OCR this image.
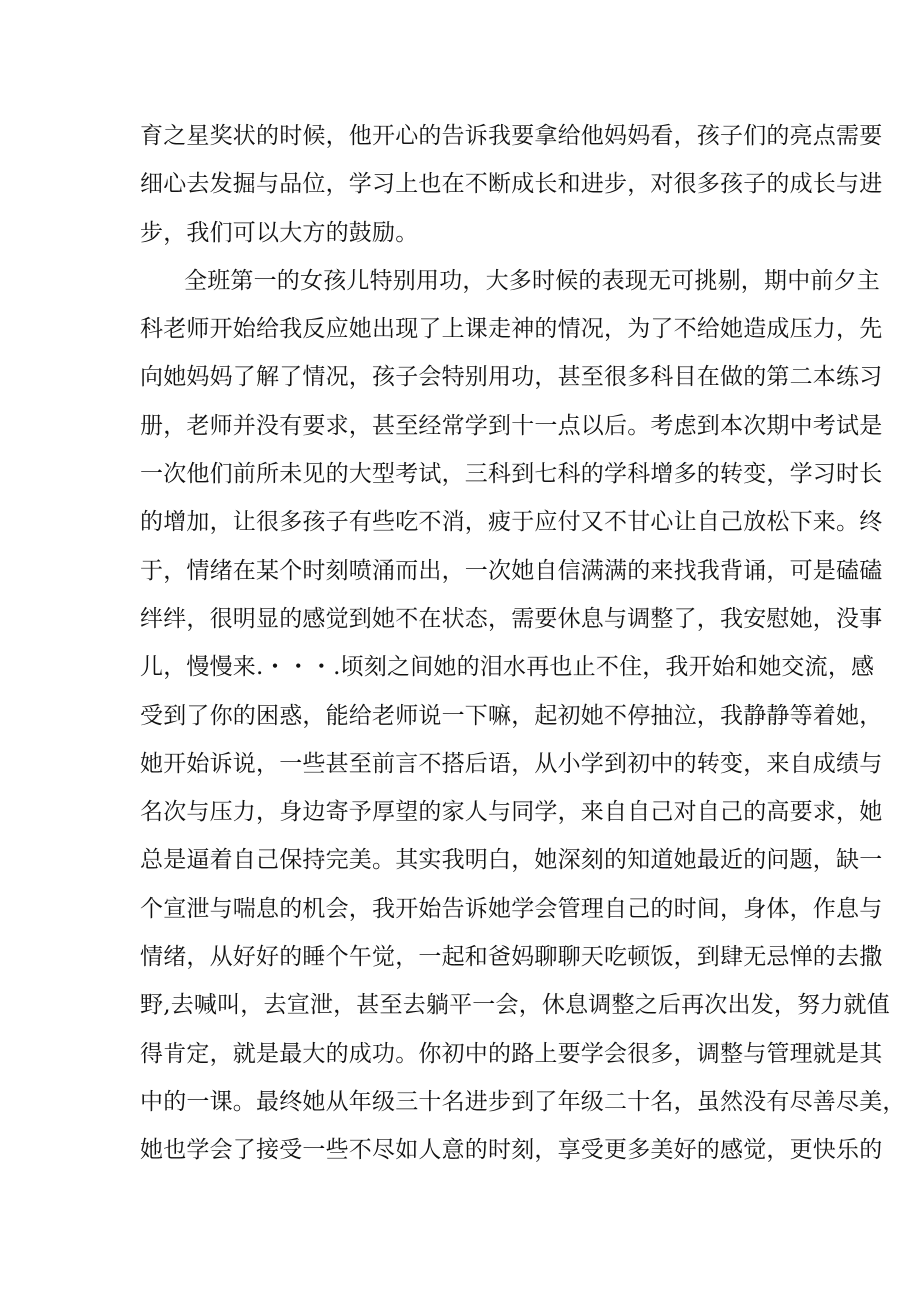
育之星奖状的时候，他开心的告诉我要拿给他妈妈看，孩子们的亮点需要
细心去发掘与品位，学习上也在不断成长和进步，对很多孩子的成长与进
步，我们可以大方的鼓励。
全班第一的女孩儿特别用功，大多时候的表现无可挑剔，期中前夕主
科老师开始给我反应她出现了上课走神的情况，为了不给她造成压力，先
向她妈妈了解了情况，孩子会特别用功，甚至很多科目在做的第二本练习
册，老师并没有要求，甚至经常学到十一点以后。考虑到本次期中考试是
一次他们前所未见的大型考试，三科到七科的学科增多的转变，学习时长
的增加，让很多孩子有些吃不消，疲于应付又不甘心让自己放松下来。终
于，情绪在某个时刻喷涌而出，一次她自信满满的来找我背诵，可是磕磕
绊绊，很明显的感觉到她不在状态，需要休息与调整了，我安慰她，没事
儿，慢慢来.・・・.顷刻之间她的泪水再也止不住，我开始和她交流，感
受到了你的困惑，能给老师说一下嘛，起初她不停抽泣，我静静等着她，
她开始诉说，一些甚至前言不搭后语，从小学到初中的转变，来自成绩与
名次与压力，身边寄予厚望的家人与同学，来自自己对自己的高要求，她
总是逼着自己保持完美。其实我明白，她深刻的知道她最近的问题，缺一
个宣泄与喘息的机会，我开始告诉她学会管理自己的时间，身体，作息与
情绪，从好好的睡个午觉，一起和爸妈聊聊天吃顿饭，到肆无忌惮的去撒
野,去喊叫，去宣泄，甚至去躺平一会，休息调整之后再次出发，努力就值
得肯定，就是最大的成功。你初中的路上要学会很多，调整与管理就是其
中的一课。最终她从年级三十名进步到了年级二十名，虽然没有尽善尽美，
她也学会了接受一些不尽如人意的时刻，享受更多美好的感觉，更快乐的
